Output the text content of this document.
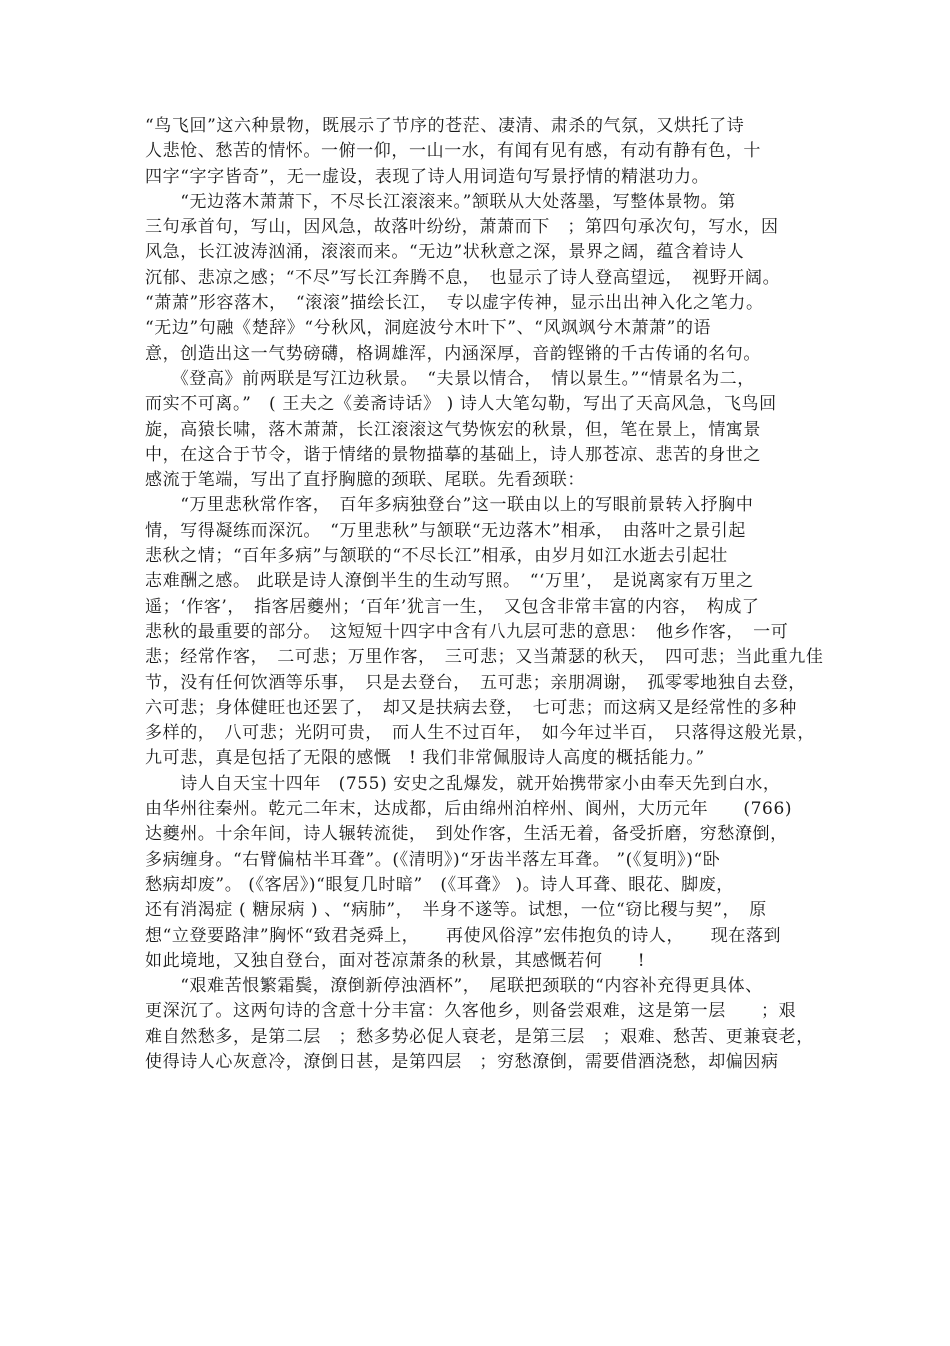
“鸟飞回”这六种景物，既展示了节序的苍茫、凄清、肃杀的气氛，又烘托了诗
人悲怆、愁苦的情怀。一俯一仰，一山一水，有闻有见有感，有动有静有色，十
四字“字字皆奇”，无一虚设，表现了诗人用词造句写景抒情的精湛功力。
　　“无边落木萧萧下，不尽长江滚滚来。”颔联从大处落墨，写整体景物。第
三句承首句，写山，因风急，故落叶纷纷，萧萧而下　；第四句承次句，写水，因
风急，长江波涛汹涌，滚滚而来。“无边”状秋意之深，景界之阔，蕴含着诗人
沉郁、悲凉之感；“不尽”写长江奔腾不息，　也显示了诗人登高望远，　视野开阔。
“萧萧”形容落木，　“滚滚”描绘长江，　专以虚字传神，显示出出神入化之笔力。
“无边”句融《楚辞》“兮秋风，洞庭波兮木叶下”、“风飒飒兮木萧萧”的语
意，创造出这一气势磅礴，格调雄浑，内涵深厚，音韵铿锵的千古传诵的名句。
　　《登高》前两联是写江边秋景。　“夫景以情合，　情以景生。”“情景名为二，
而实不可离。”　( 王夫之《姜斋诗话》 ) 诗人大笔勾勒，写出了天高风急，飞鸟回
旋，高猿长啸，落木萧萧，长江滚滚这气势恢宏的秋景，但，笔在景上，情寓景
中，在这合于节令，谐于情绪的景物描摹的基础上，诗人那苍凉、悲苦的身世之
感流于笔端，写出了直抒胸臆的颈联、尾联。先看颈联：
　　“万里悲秋常作客，　百年多病独登台”这一联由以上的写眼前景转入抒胸中
情，写得凝练而深沉。　“万里悲秋”与颔联“无边落木”相承，　由落叶之景引起
悲秋之情；“百年多病”与颔联的“不尽长江”相承，由岁月如江水逝去引起壮
志难酬之感。 此联是诗人潦倒半生的生动写照。　“‘万里’，　是说离家有万里之
遥；‘作客’，　指客居夔州；‘百年’犹言一生，　又包含非常丰富的内容，　构成了
悲秋的最重要的部分。　这短短十四字中含有八九层可悲的意思：　他乡作客，　一可
悲；经常作客，　二可悲；万里作客，　三可悲；又当萧瑟的秋天，　四可悲；当此重九佳
节，没有任何饮酒等乐事，　只是去登台，　五可悲；亲朋凋谢，　孤零零地独自去登，
六可悲；身体健旺也还罢了，　却又是扶病去登，　七可悲；而这病又是经常性的多种
多样的，　八可悲；光阴可贵，　而人生不过百年，　如今年过半百，　只落得这般光景，
九可悲，真是包括了无限的感慨　! 我们非常佩服诗人高度的概括能力。”
　　诗人自天宝十四年　(755) 安史之乱爆发，就开始携带家小由奉天先到白水，
由华州往秦州。乾元二年末，达成都，后由绵州泊梓州、阆州，大历元年　　(766)
达夔州。十余年间，诗人辗转流徙，　到处作客，生活无着，备受折磨，穷愁潦倒，
多病缠身。“右臂偏枯半耳聋”。(《清明》)“牙齿半落左耳聋。 ”(《复明》)“卧
愁病却废”。 (《客居》)“眼复几时暗”　(《耳聋》 )。诗人耳聋、眼花、脚废，
还有消渴症 ( 糖尿病 ) 、“病肺”，　半身不遂等。试想，一位“窃比稷与契”，　原
想“立登要路津”胸怀“致君尧舜上，　　再使风俗淳”宏伟抱负的诗人，　　现在落到
如此境地，又独自登台，面对苍凉萧条的秋景，其感慨若何　　!
　　“艰难苦恨繁霜鬓，潦倒新停浊酒杯”，　尾联把颈联的“内容补充得更具体、
更深沉了。这两句诗的含意十分丰富：久客他乡，则备尝艰难，这是第一层　　；艰
难自然愁多，是第二层　；愁多势必促人衰老，是第三层　；艰难、愁苦、更兼衰老，
使得诗人心灰意冷，潦倒日甚，是第四层　；穷愁潦倒，需要借酒浇愁，却偏因病
